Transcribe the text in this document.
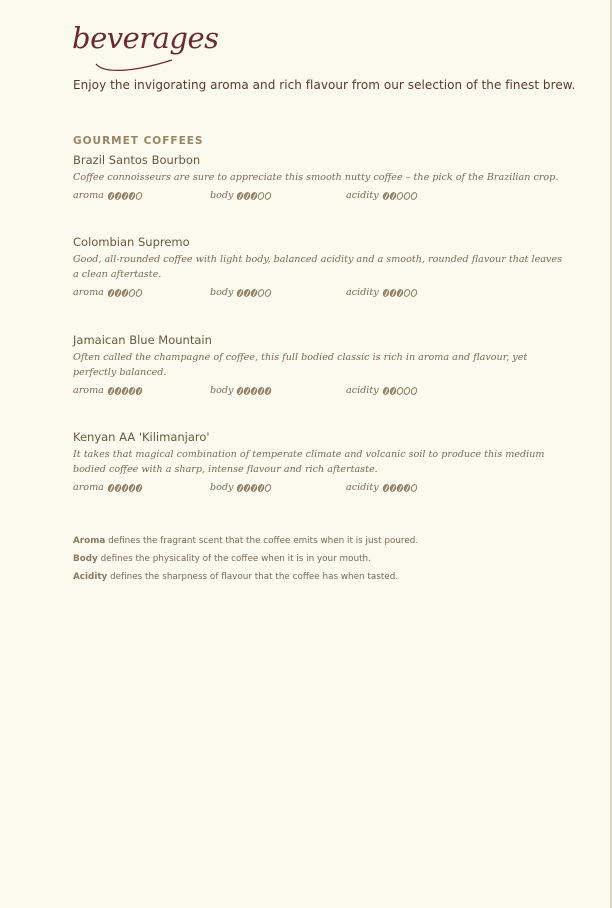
beverages
Enjoy the invigorating aroma and rich flavour from our selection of the finest brew.
GOURMET COFFEES
Brazil Santos Bourbon
Coffee connoisseurs are sure to appreciate this smooth nutty coffee – the pick of the Brazilian crop.
aroma	body	acidity
Colombian Supremo
Good, all-rounded coffee with light body, balanced acidity and a smooth, rounded flavour that leaves a clean aftertaste.
aroma	body	acidity
Jamaican Blue Mountain
Often called the champagne of coffee, this full bodied classic is rich in aroma and flavour, yet perfectly balanced.
aroma	body	acidity
Kenyan AA 'Kilimanjaro'
It takes that magical combination of temperate climate and volcanic soil to produce this medium bodied coffee with a sharp, intense flavour and rich aftertaste.
aroma	body	acidity
Aroma defines the fragrant scent that the coffee emits when it is just poured.
Body defines the physicality of the coffee when it is in your mouth.
Acidity defines the sharpness of flavour that the coffee has when tasted.
